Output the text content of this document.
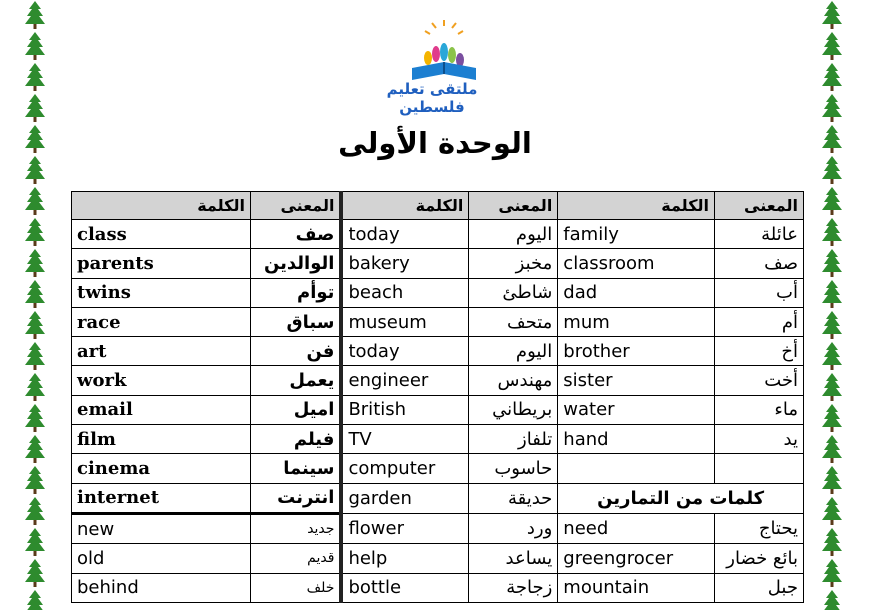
ملتقى تعليم فلسطين
الوحدة الأولى
الكلمة	المعنى	الكلمة	المعنى	الكلمة	المعنى
class	صف	today	اليوم	family	عائلة
parents	الوالدين	bakery	مخبز	classroom	صف
twins	توأم	beach	شاطئ	dad	أب
race	سباق	museum	متحف	mum	أم
art	فن	today	اليوم	brother	أخ
work	يعمل	engineer	مهندس	sister	أخت
email	اميل	British	بريطاني	water	ماء
film	فيلم	TV	تلفاز	hand	يد
cinema	سينما	computer	حاسوب		
internet	انترنت	garden	حديقة	كلمات من التمارين	
new	جديد	flower	ورد	need	يحتاج
old	قديم	help	يساعد	greengrocer	بائع خضار
behind	خلف	bottle	زجاجة	mountain	جبل
